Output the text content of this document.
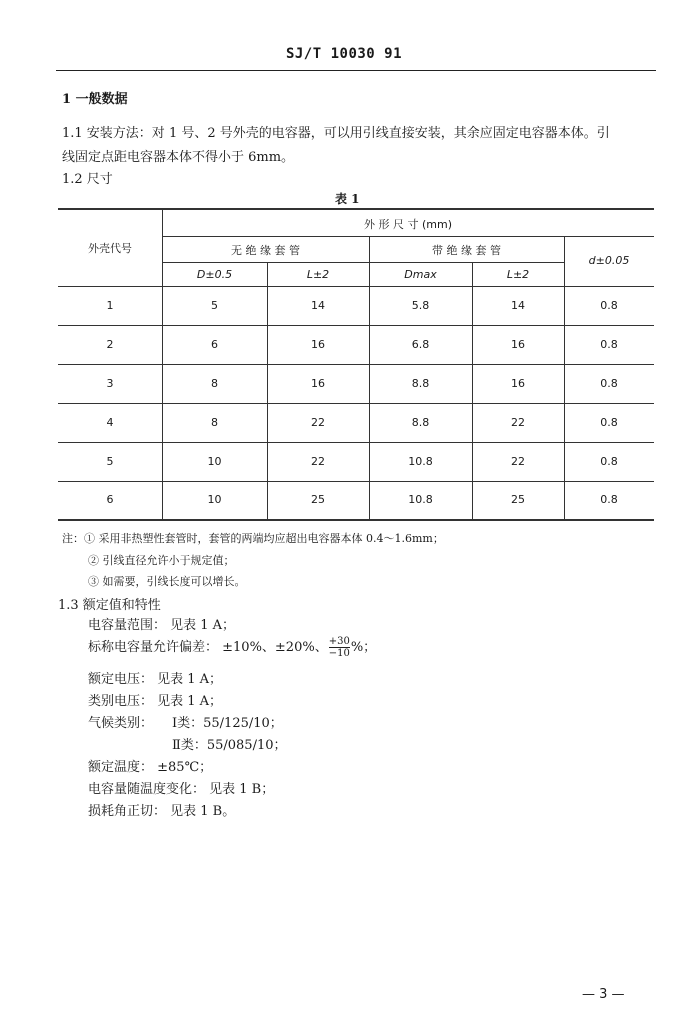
SJ/T 10030 91
1 一般数据
1.1 安装方法：对 1 号、2 号外壳的电容器，可以用引线直接安装，其余应固定电容器本体。引
线固定点距电容器本体不得小于 6mm。
1.2 尺寸
表 1
外壳代号
外 形 尺 寸 (mm)
无 绝 缘 套 管	带 绝 缘 套 管
d±0.05
D±0.5	L±2	Dmax	L±2
1	5	14	5.8	14	0.8
2	6	16	6.8	16	0.8
3	8	16	8.8	16	0.8
4	8	22	8.8	22	0.8
5	10	22	10.8	22	0.8
6	10	25	10.8	25	0.8
注：① 采用非热塑性套管时，套管的两端均应超出电容器本体 0.4～1.6mm；
② 引线直径允许小于规定值；
③ 如需要，引线长度可以增长。
1.3 额定值和特性
电容量范围： 见表 1 A；
标称电容量允许偏差： ±10%、±20%、 $\frac{+30}{-10}$ %；
额定电压： 见表 1 A；
类别电压： 见表 1 A；
气候类别： Ⅰ类：55/125/10；
Ⅱ类：55/085/10；
额定温度： ±85℃；
电容量随温度变化： 见表 1 B；
损耗角正切： 见表 1 B。
— 3 —
